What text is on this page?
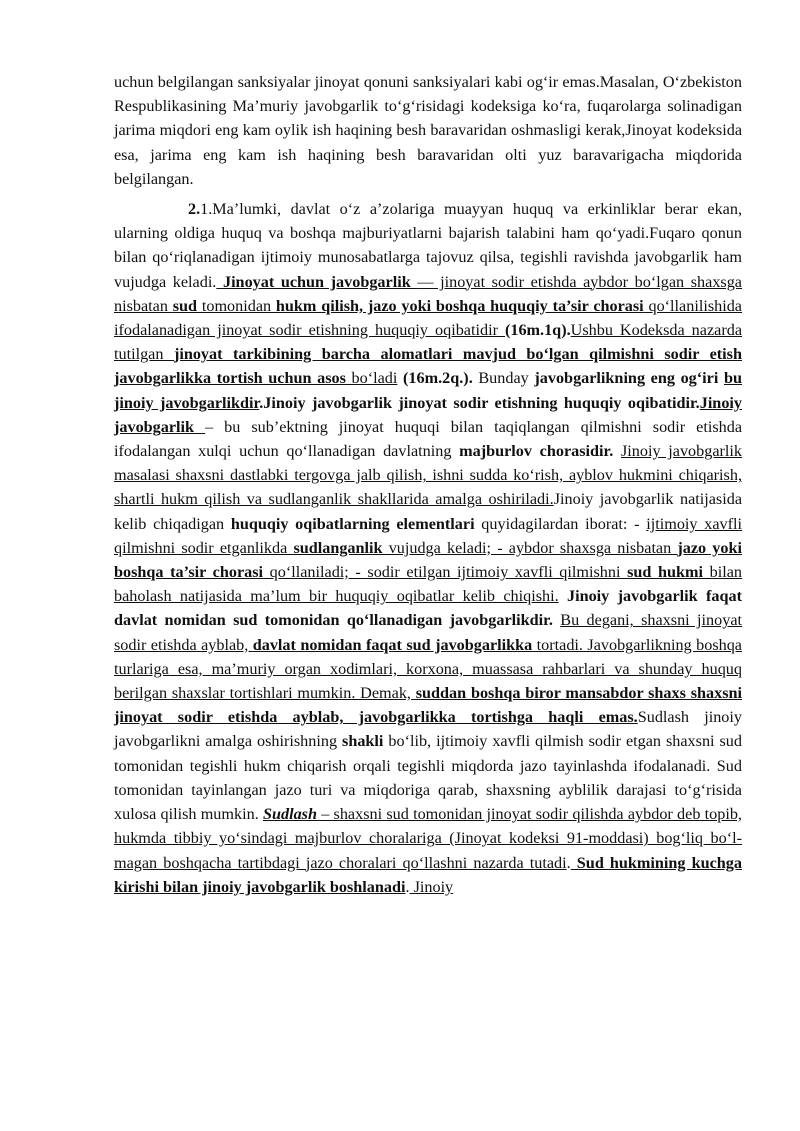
uchun belgilangan sanksiyalar jinoyat qonuni sanksiyalari kabi og‘ir emas.Masalan, O‘zbekiston Respublikasining Ma’muriy javobgarlik to‘g‘risidagi kodeksiga ko‘ra, fuqarolarga solinadigan jarima miqdori eng kam oylik ish haqining besh baravaridan oshmasligi kerak,Jinoyat kodeksida esa, jarima eng kam ish haqining besh baravaridan olti yuz baravarigacha miqdorida belgilangan.

2.1.Ma’lumki, davlat o‘z a’zolariga muayyan huquq va erkinliklar berar ekan, ularning oldiga huquq va boshqa majburiyatlarni bajarish talabini ham qo‘yadi.Fuqaro qonun bilan qo‘riqlanadigan ijtimoiy munosabatlarga tajovuz qilsa, tegishli ravishda javobgarlik ham vujudga keladi. Jinoyat uchun javobgarlik — jinoyat sodir etishda aybdor bo‘lgan shaxsga nisbatan sud tomonidan hukm qilish, jazo yoki boshqa huquqiy ta’sir chorasi qo‘llanilishida ifodalanadigan jinoyat sodir etishning huquqiy oqibatidir (16m.1q).Ushbu Kodeksda nazarda tutilgan jinoyat tarkibining barcha alomatlari mavjud bo‘lgan qilmishni sodir etish javobgarlikka tortish uchun asos bo‘ladi (16m.2q.). Bunday javobgarlikning eng og‘iri bu jinoiy javobgarlikdir.Jinoiy javobgarlik jinoyat sodir etishning huquqiy oqibatidir.Jinoiy javobgarlik – bu sub’ektning jinoyat huquqi bilan taqiqlangan qilmishni sodir etishda ifodalangan xulqi uchun qo‘llanadigan davlatning majburlov chorasidir. Jinoiy javobgarlik masalasi shaxsni dastlabki tergovga jalb qilish, ishni sudda ko‘rish, ayblov hukmini chiqarish, shartli hukm qilish va sudlanganlik shakllarida amalga oshiriladi.Jinoiy javobgarlik natijasida kelib chiqadigan huquqiy oqibatlarning elementlari quyidagilardan iborat: - ijtimoiy xavfli qilmishni sodir etganlikda sudlanganlik vujudga keladi; - aybdor shaxsga nisbatan jazo yoki boshqa ta’sir chorasi qo‘llaniladi; - sodir etilgan ijtimoiy xavfli qilmishni sud hukmi bilan baholash natijasida ma’lum bir huquqiy oqibatlar kelib chiqishi. Jinoiy javobgarlik faqat davlat nomidan sud tomonidan qo‘llanadigan javobgarlikdir. Bu degani, shaxsni jinoyat sodir etishda ayblab, davlat nomidan faqat sud javobgarlikka tortadi. Javobgarlikning boshqa turlariga esa, ma’muriy organ xodimlari, korxona, muassasa rahbarlari va shunday huquq berilgan shaxslar tortishlari mumkin. Demak, suddan boshqa biror mansabdor shaxs shaxsni jinoyat sodir etishda ayblab, javobgarlikka tortishga haqli emas.Sudlash jinoiy javobgarlikni amalga oshirishning shakli bo‘lib, ijtimoiy xavfli qilmish sodir etgan shaxsni sud tomonidan tegishli hukm chiqarish orqali tegishli miqdorda jazo tayinlashda ifodalanadi. Sud tomonidan tayinlangan jazo turi va miqdoriga qarab, shaxsning ayblilik darajasi to‘g‘risida xulosa qilish mumkin. Sudlash – shaxsni sud tomonidan jinoyat sodir qilishda aybdor deb topib, hukmda tibbiy yo‘sindagi majburlov choralariga (Jinoyat kodeksi 91-moddasi) bog‘liq bo‘l-magan boshqacha tartibdagi jazo choralari qo‘llashni nazarda tutadi. Sud hukmining kuchga kirishi bilan jinoiy javobgarlik boshlanadi. Jinoiy
